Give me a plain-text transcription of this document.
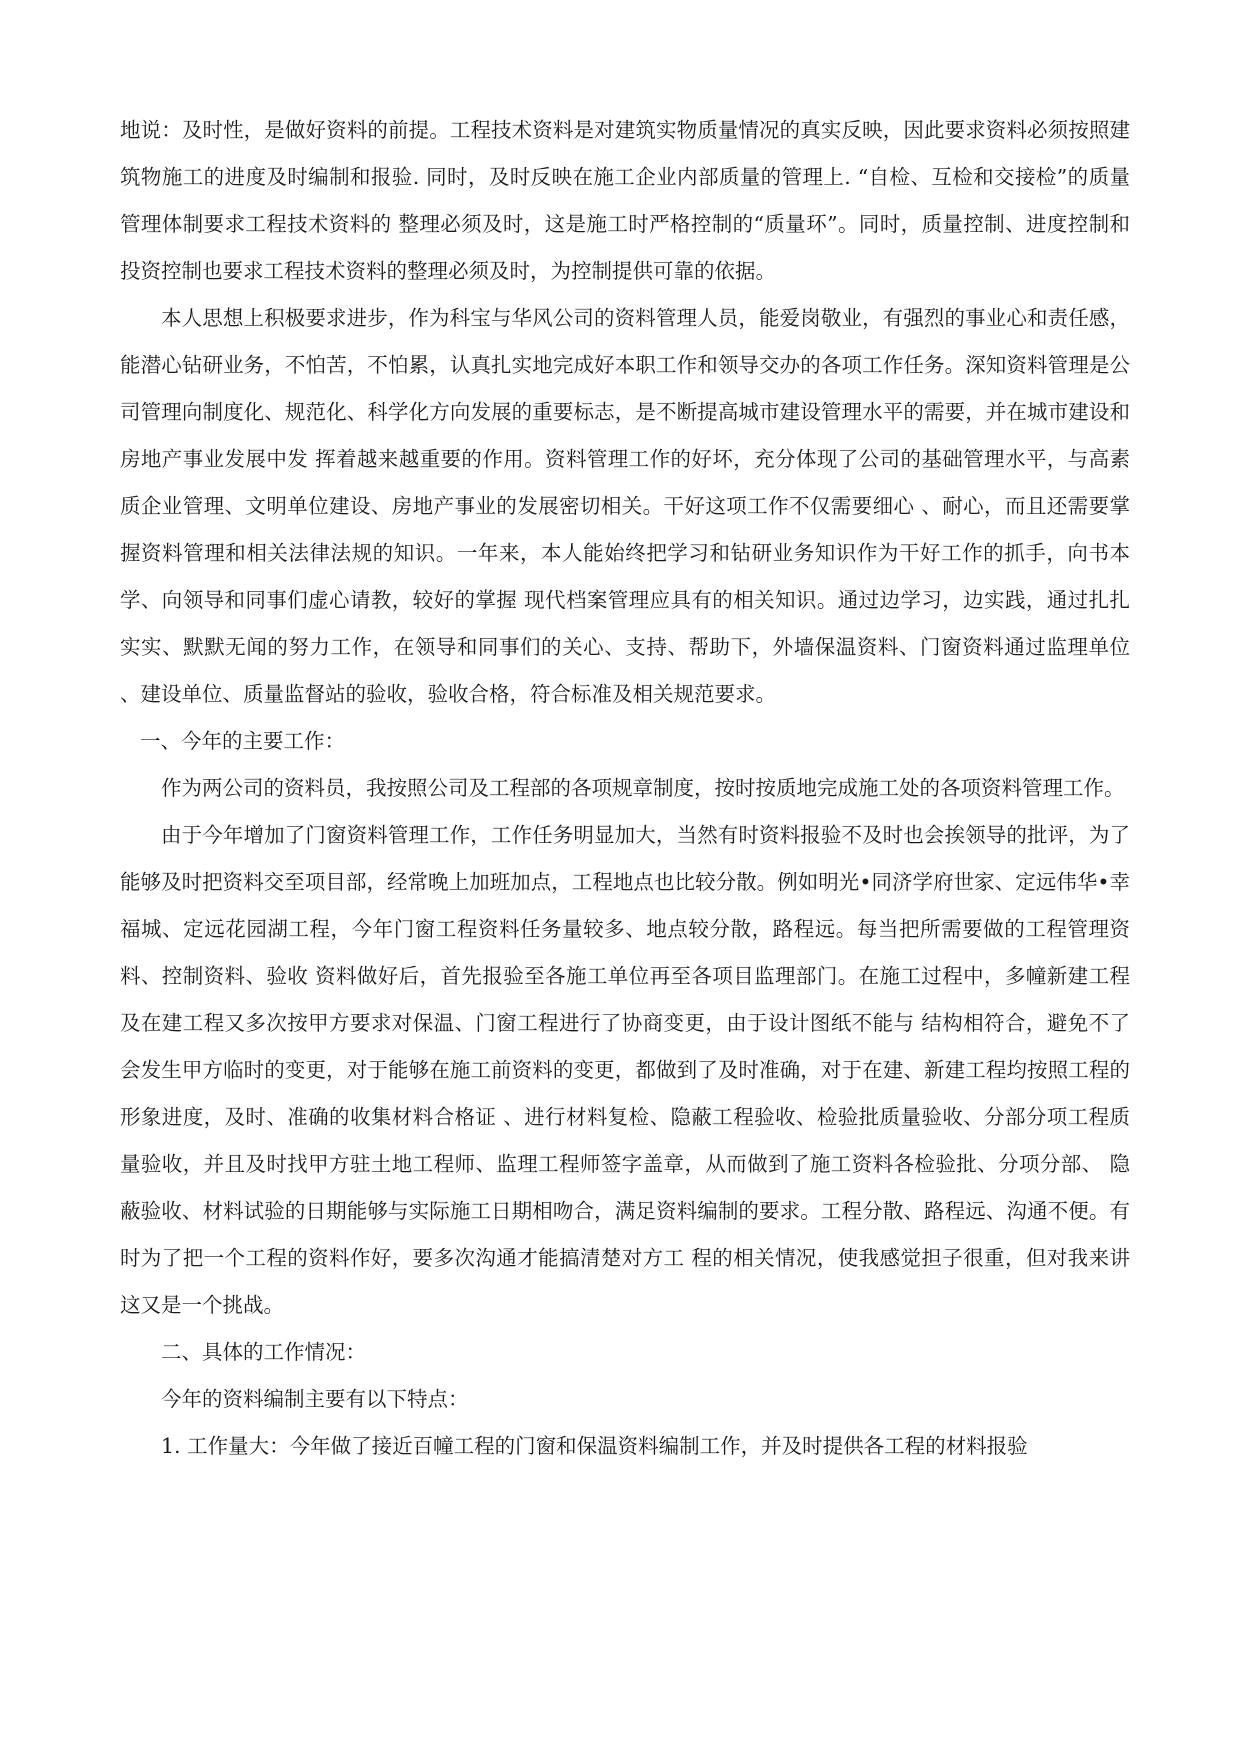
地说：及时性，是做好资料的前提。工程技术资料是对建筑实物质量情况的真实反映，因此要求资料必须按照建筑物施工的进度及时编制和报验. 同时，及时反映在施工企业内部质量的管理上. “自检、互检和交接检”的质量管理体制要求工程技术资料的 整理必须及时，这是施工时严格控制的“质量环”。同时，质量控制、进度控制和投资控制也要求工程技术资料的整理必须及时，为控制提供可靠的依据。

本人思想上积极要求进步，作为科宝与华风公司的资料管理人员，能爱岗敬业，有强烈的事业心和责任感，能潜心钻研业务，不怕苦，不怕累，认真扎实地完成好本职工作和领导交办的各项工作任务。深知资料管理是公司管理向制度化、规范化、科学化方向发展的重要标志，是不断提高城市建设管理水平的需要，并在城市建设和房地产事业发展中发 挥着越来越重要的作用。资料管理工作的好坏，充分体现了公司的基础管理水平，与高素质企业管理、文明单位建设、房地产事业的发展密切相关。干好这项工作不仅需要细心 、耐心，而且还需要掌握资料管理和相关法律法规的知识。一年来，本人能始终把学习和钻研业务知识作为干好工作的抓手，向书本学、向领导和同事们虚心请教，较好的掌握 现代档案管理应具有的相关知识。通过边学习，边实践，通过扎扎实实、默默无闻的努力工作，在领导和同事们的关心、支持、帮助下，外墙保温资料、门窗资料通过监理单位 、建设单位、质量监督站的验收，验收合格，符合标准及相关规范要求。

一、今年的主要工作：

作为两公司的资料员，我按照公司及工程部的各项规章制度，按时按质地完成施工处的各项资料管理工作。

由于今年增加了门窗资料管理工作，工作任务明显加大，当然有时资料报验不及时也会挨领导的批评，为了能够及时把资料交至项目部，经常晚上加班加点，工程地点也比较分散。例如明光•同济学府世家、定远伟华•幸福城、定远花园湖工程，今年门窗工程资料任务量较多、地点较分散，路程远。每当把所需要做的工程管理资料、控制资料、验收 资料做好后，首先报验至各施工单位再至各项目监理部门。在施工过程中，多幢新建工程及在建工程又多次按甲方要求对保温、门窗工程进行了协商变更，由于设计图纸不能与 结构相符合，避免不了会发生甲方临时的变更，对于能够在施工前资料的变更，都做到了及时准确，对于在建、新建工程均按照工程的形象进度，及时、准确的收集材料合格证 、进行材料复检、隐蔽工程验收、检验批质量验收、分部分项工程质量验收，并且及时找甲方驻土地工程师、监理工程师签字盖章，从而做到了施工资料各检验批、分项分部、 隐蔽验收、材料试验的日期能够与实际施工日期相吻合，满足资料编制的要求。工程分散、路程远、沟通不便。有时为了把一个工程的资料作好，要多次沟通才能搞清楚对方工 程的相关情况，使我感觉担子很重，但对我来讲这又是一个挑战。

二、具体的工作情况：

今年的资料编制主要有以下特点：

1. 工作量大：今年做了接近百幢工程的门窗和保温资料编制工作，并及时提供各工程的材料报验
